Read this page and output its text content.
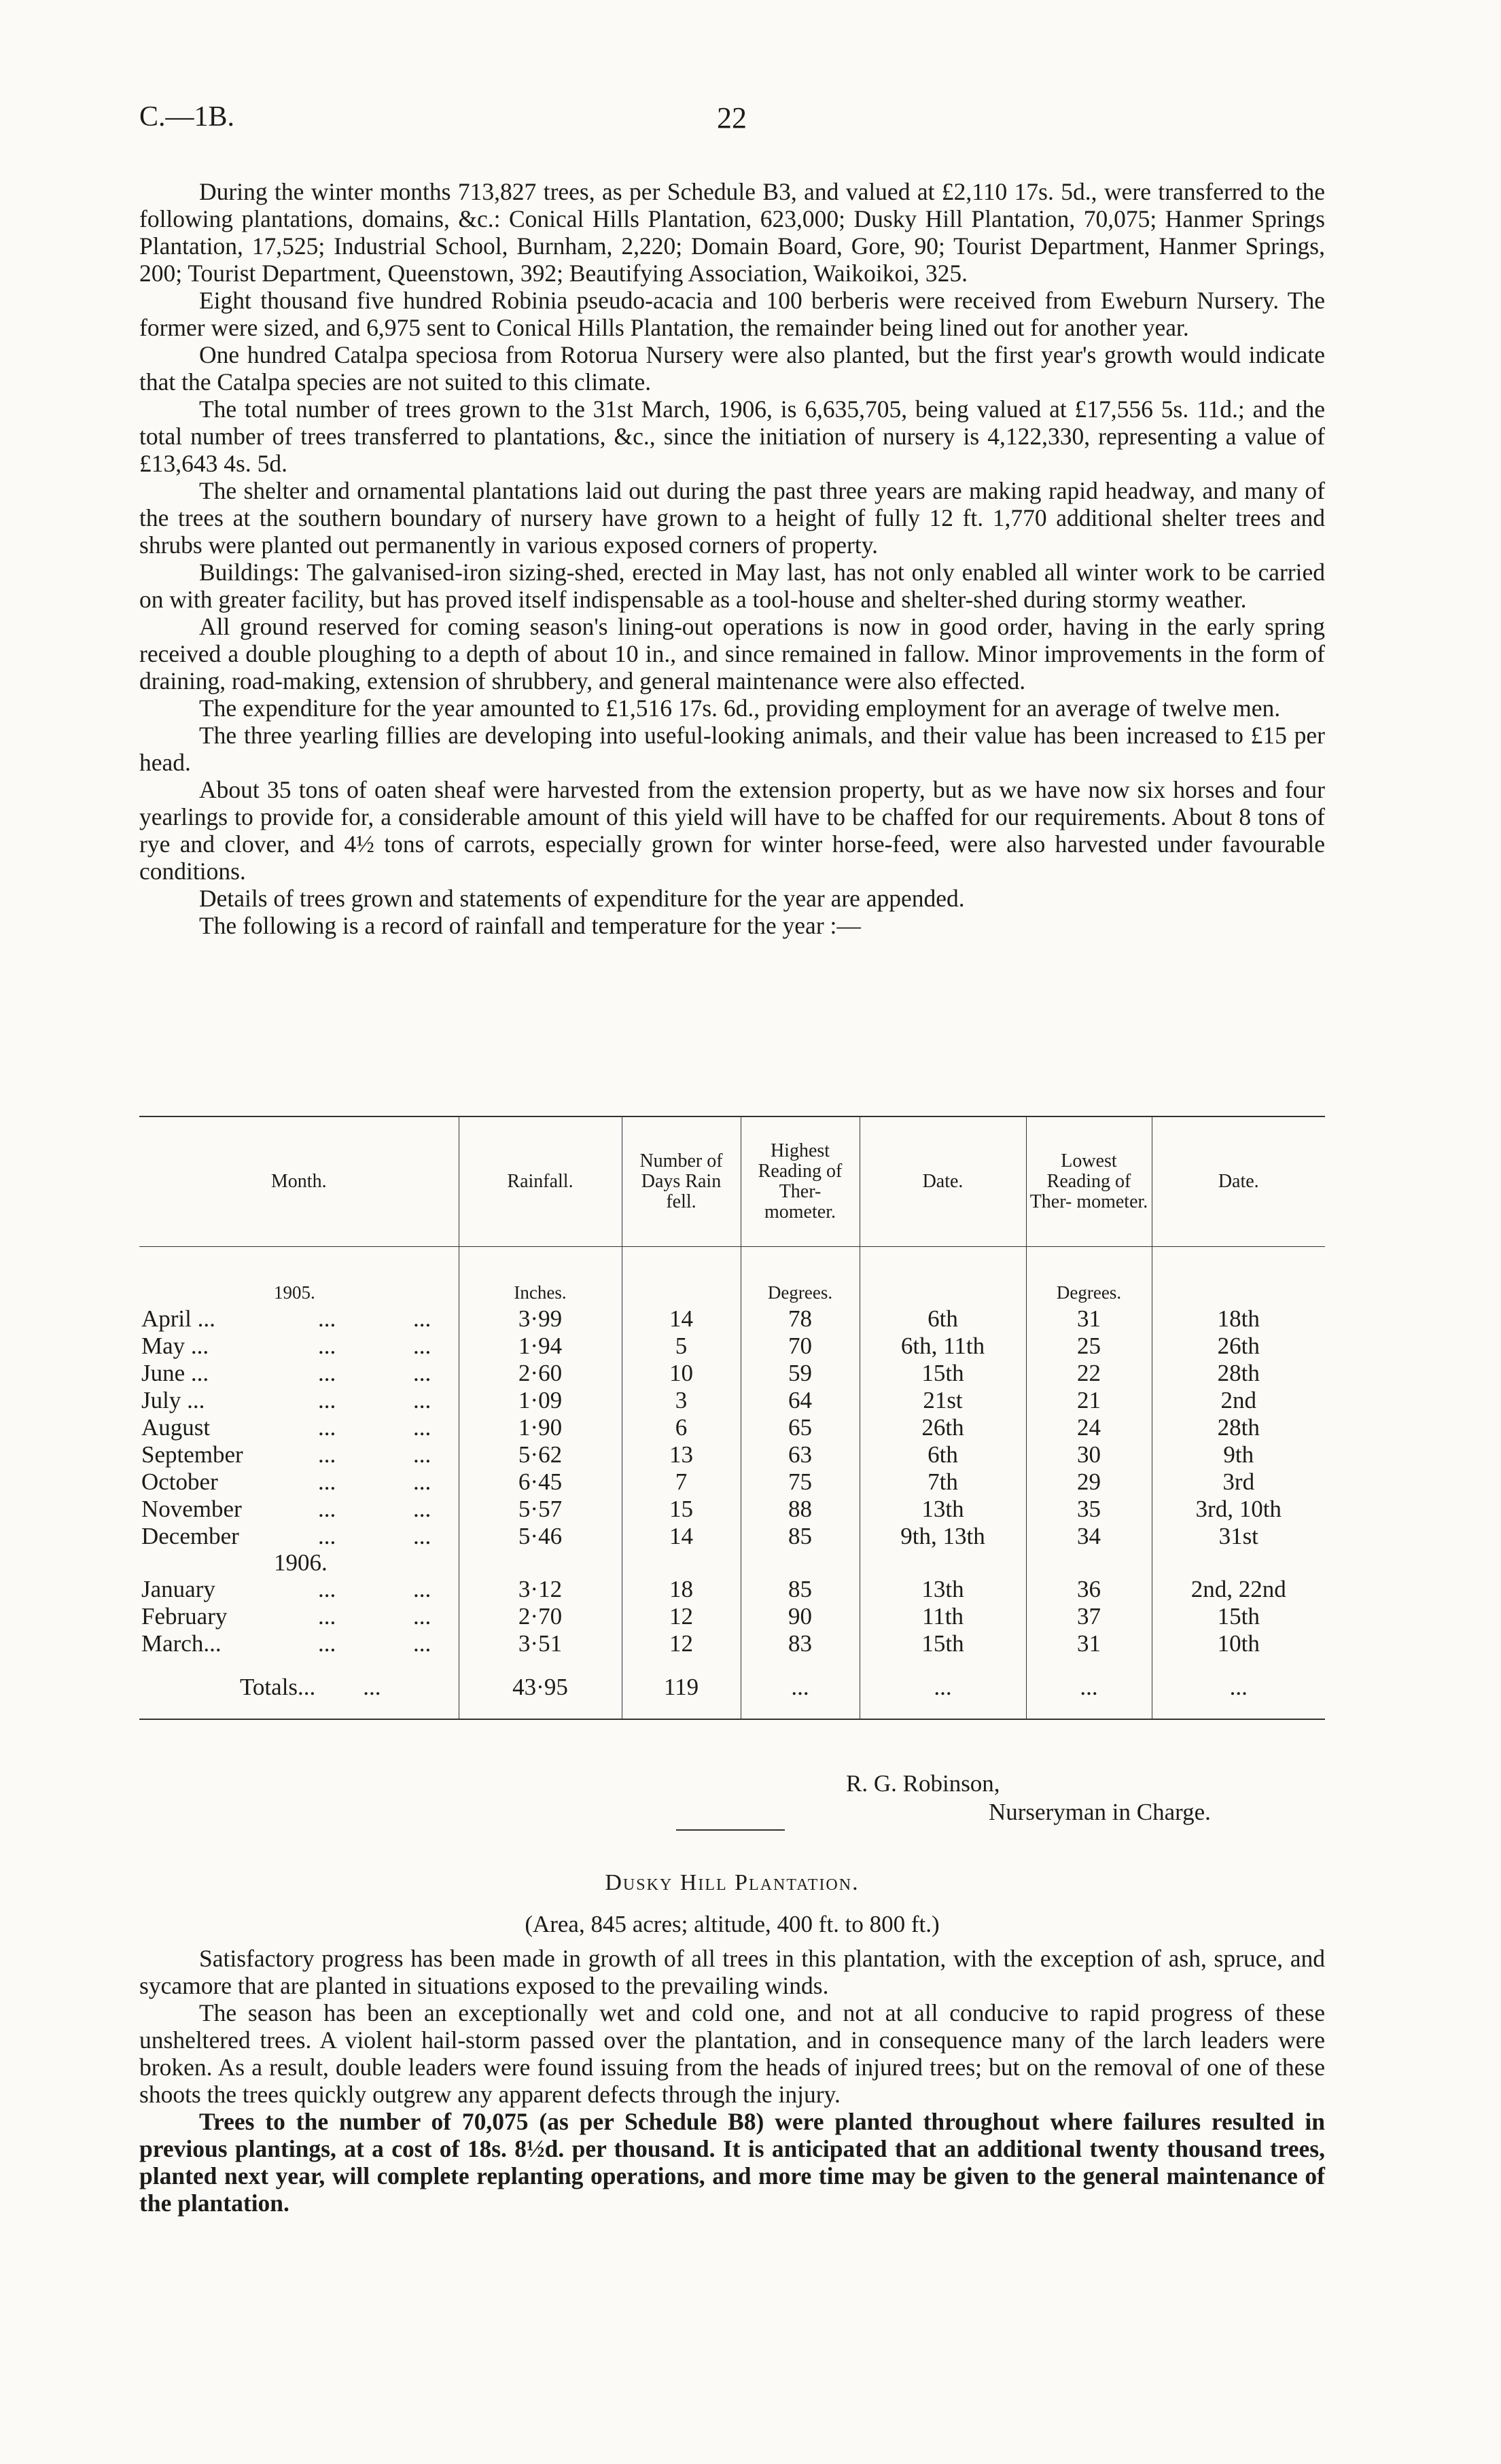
C.—1B.	22

During the winter months 713,827 trees, as per Schedule B3, and valued at £2,110 17s. 5d., were transferred to the following plantations, domains, &c.: Conical Hills Plantation, 623,000; Dusky Hill Plantation, 70,075; Hanmer Springs Plantation, 17,525; Industrial School, Burnham, 2,220; Domain Board, Gore, 90; Tourist Department, Hanmer Springs, 200; Tourist Department, Queenstown, 392; Beautifying Association, Waikoikoi, 325.

Eight thousand five hundred Robinia pseudo-acacia and 100 berberis were received from Eweburn Nursery. The former were sized, and 6,975 sent to Conical Hills Plantation, the remainder being lined out for another year.

One hundred Catalpa speciosa from Rotorua Nursery were also planted, but the first year's growth would indicate that the Catalpa species are not suited to this climate.

The total number of trees grown to the 31st March, 1906, is 6,635,705, being valued at £17,556 5s. 11d.; and the total number of trees transferred to plantations, &c., since the initiation of nursery is 4,122,330, representing a value of £13,643 4s. 5d.

The shelter and ornamental plantations laid out during the past three years are making rapid headway, and many of the trees at the southern boundary of nursery have grown to a height of fully 12 ft. 1,770 additional shelter trees and shrubs were planted out permanently in various exposed corners of property.

Buildings: The galvanised-iron sizing-shed, erected in May last, has not only enabled all winter work to be carried on with greater facility, but has proved itself indispensable as a tool-house and shelter-shed during stormy weather.

All ground reserved for coming season's lining-out operations is now in good order, having in the early spring received a double ploughing to a depth of about 10 in., and since remained in fallow. Minor improvements in the form of draining, road-making, extension of shrubbery, and general maintenance were also effected.

The expenditure for the year amounted to £1,516 17s. 6d., providing employment for an average of twelve men.

The three yearling fillies are developing into useful-looking animals, and their value has been increased to £15 per head.

About 35 tons of oaten sheaf were harvested from the extension property, but as we have now six horses and four yearlings to provide for, a considerable amount of this yield will have to be chaffed for our requirements. About 8 tons of rye and clover, and 4½ tons of carrots, especially grown for winter horse-feed, were also harvested under favourable conditions.

Details of trees grown and statements of expenditure for the year are appended.

The following is a record of rainfall and temperature for the year :—

Month.	Rainfall.	Number of Days Rain fell.	Highest Reading of Ther- mometer.	Date.	Lowest Reading of Ther- mometer.	Date.

1905.	Inches.		Degrees.		Degrees.	
April ... ... ...	3·99	14	78	6th	31	18th
May ... ... ...	1·94	5	70	6th, 11th	25	26th
June ... ... ...	2·60	10	59	15th	22	28th
July ... ... ...	1·09	3	64	21st	21	2nd
August ... ...	1·90	6	65	26th	24	28th
September ... ...	5·62	13	63	6th	30	9th
October ... ...	6·45	7	75	7th	29	3rd
November ... ...	5·57	15	88	13th	35	3rd, 10th
December ... ...	5·46	14	85	9th, 13th	34	31st
1906.						
January ... ...	3·12	18	85	13th	36	2nd, 22nd
February ... ...	2·70	12	90	11th	37	15th
March... ... ...	3·51	12	83	15th	31	10th
Totals... ...	43·95	119	...	...	...	...
R. G. Robinson,
Nurseryman in Charge.
Dusky Hill Plantation.
(Area, 845 acres; altitude, 400 ft. to 800 ft.)

Satisfactory progress has been made in growth of all trees in this plantation, with the exception of ash, spruce, and sycamore that are planted in situations exposed to the prevailing winds.

The season has been an exceptionally wet and cold one, and not at all conducive to rapid progress of these unsheltered trees. A violent hail-storm passed over the plantation, and in consequence many of the larch leaders were broken. As a result, double leaders were found issuing from the heads of injured trees; but on the removal of one of these shoots the trees quickly outgrew any apparent defects through the injury.

Trees to the number of 70,075 (as per Schedule B8) were planted throughout where failures resulted in previous plantings, at a cost of 18s. 8½d. per thousand. It is anticipated that an additional twenty thousand trees, planted next year, will complete replanting operations, and more time may be given to the general maintenance of the plantation.
